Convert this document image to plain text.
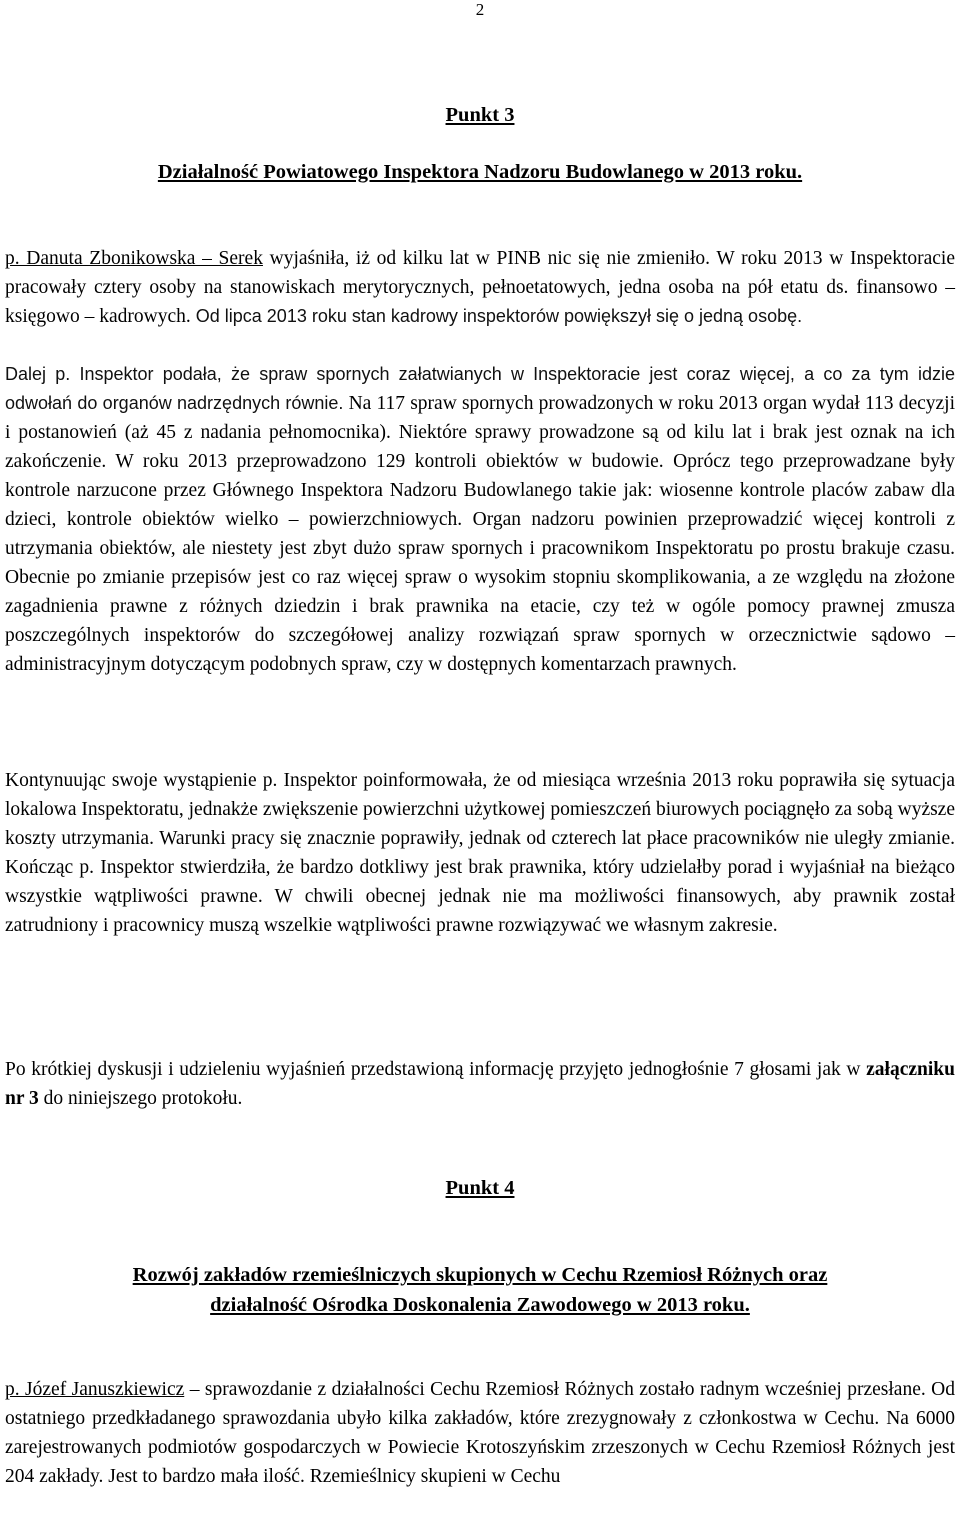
2
Punkt 3
Działalność Powiatowego Inspektora Nadzoru Budowlanego w 2013 roku.

p. Danuta Zbonikowska – Serek wyjaśniła, iż od kilku lat w PINB nic się nie zmieniło. W roku 2013 w Inspektoracie pracowały cztery osoby na stanowiskach merytorycznych, pełnoetatowych, jedna osoba na pół etatu ds. finansowo – księgowo – kadrowych. Od lipca 2013 roku stan kadrowy inspektorów powiększył się o jedną osobę.

Dalej p. Inspektor podała, że spraw spornych załatwianych w Inspektoracie jest coraz więcej, a co za tym idzie odwołań do organów nadrzędnych równie. Na 117 spraw spornych prowadzonych w roku 2013 organ wydał 113 decyzji i postanowień (aż 45 z nadania pełnomocnika). Niektóre sprawy prowadzone są od kilu lat i brak jest oznak na ich zakończenie. W roku 2013 przeprowadzono 129 kontroli obiektów w budowie. Oprócz tego przeprowadzane były kontrole narzucone przez Głównego Inspektora Nadzoru Budowlanego takie jak: wiosenne kontrole placów zabaw dla dzieci, kontrole obiektów wielko – powierzchniowych. Organ nadzoru powinien przeprowadzić więcej kontroli z utrzymania obiektów, ale niestety jest zbyt dużo spraw spornych i pracownikom Inspektoratu po prostu brakuje czasu. Obecnie po zmianie przepisów jest co raz więcej spraw o wysokim stopniu skomplikowania, a ze względu na złożone zagadnienia prawne z różnych dziedzin i brak prawnika na etacie, czy też w ogóle pomocy prawnej zmusza poszczególnych inspektorów do szczegółowej analizy rozwiązań spraw spornych w orzecznictwie sądowo – administracyjnym dotyczącym podobnych spraw, czy w dostępnych komentarzach prawnych.

Kontynuując swoje wystąpienie p. Inspektor poinformowała, że od miesiąca września 2013 roku poprawiła się sytuacja lokalowa Inspektoratu, jednakże zwiększenie powierzchni użytkowej pomieszczeń biurowych pociągnęło za sobą wyższe koszty utrzymania. Warunki pracy się znacznie poprawiły, jednak od czterech lat płace pracowników nie uległy zmianie. Kończąc p. Inspektor stwierdziła, że bardzo dotkliwy jest brak prawnika, który udzielałby porad i wyjaśniał na bieżąco wszystkie wątpliwości prawne. W chwili obecnej jednak nie ma możliwości finansowych, aby prawnik został zatrudniony i pracownicy muszą wszelkie wątpliwości prawne rozwiązywać we własnym zakresie.

Po krótkiej dyskusji i udzieleniu wyjaśnień przedstawioną informację przyjęto jednogłośnie 7 głosami jak w załączniku nr 3 do niniejszego protokołu.

Punkt 4
Rozwój zakładów rzemieślniczych skupionych w Cechu Rzemiosł Różnych oraz
działalność Ośrodka Doskonalenia Zawodowego w 2013 roku.

p. Józef Januszkiewicz – sprawozdanie z działalności Cechu Rzemiosł Różnych zostało radnym wcześniej przesłane. Od ostatniego przedkładanego sprawozdania ubyło kilka zakładów, które zrezygnowały z członkostwa w Cechu. Na 6000 zarejestrowanych podmiotów gospodarczych w Powiecie Krotoszyńskim zrzeszonych w Cechu Rzemiosł Różnych jest 204 zakłady. Jest to bardzo mała ilość. Rzemieślnicy skupieni w Cechu
